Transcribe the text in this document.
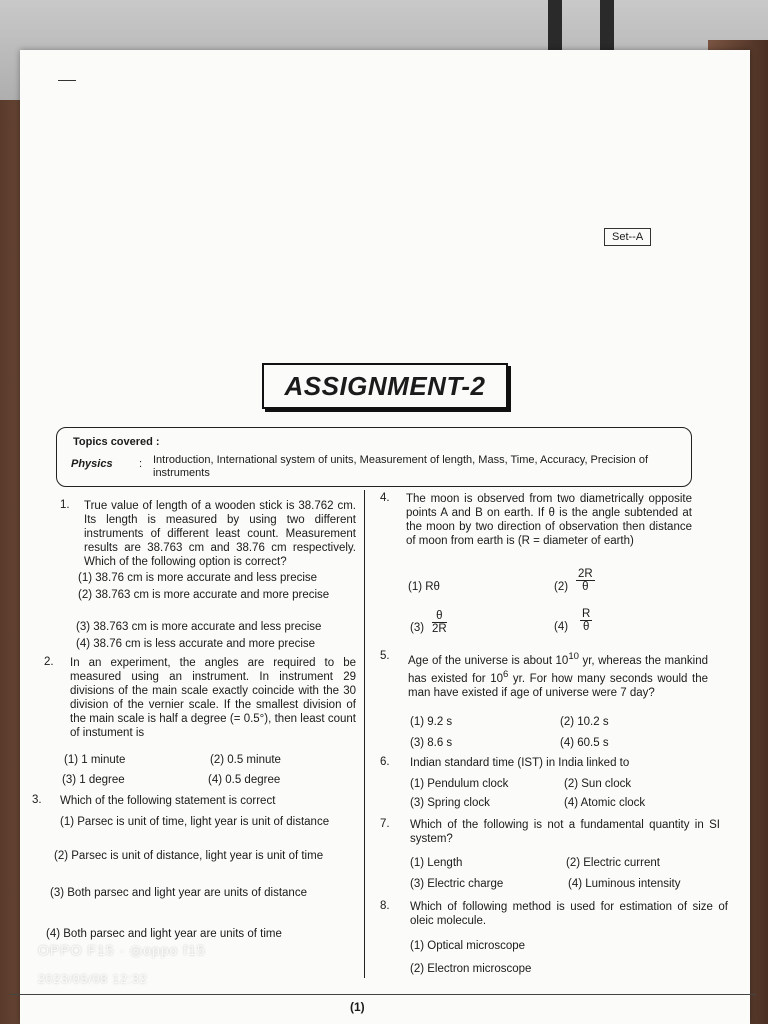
Set--A
ASSIGNMENT-2
Topics covered :
Physics : Introduction, International system of units, Measurement of length, Mass, Time, Accuracy, Precision of instruments
1. True value of length of a wooden stick is 38.762 cm. Its length is measured by using two different instruments of different least count. Measurement results are 38.763 cm and 38.76 cm respectively. Which of the following option is correct?
(1) 38.76 cm is more accurate and less precise
(2) 38.763 cm is more accurate and more precise
(3) 38.763 cm is more accurate and less precise
(4) 38.76 cm is less accurate and more precise
2. In an experiment, the angles are required to be measured using an instrument. In instrument 29 divisions of the main scale exactly coincide with the 30 division of the vernier scale. If the smallest division of the main scale is half a degree (= 0.5°), then least count of instument is
(1) 1 minute	(2) 0.5 minute
(3) 1 degree	(4) 0.5 degree
3. Which of the following statement is correct
(1) Parsec is unit of time, light year is unit of distance
(2) Parsec is unit of distance, light year is unit of time
(3) Both parsec and light year are units of distance
(4) Both parsec and light year are units of time
4. The moon is observed from two diametrically opposite points A and B on earth. If θ is the angle subtended at the moon by two direction of observation then distance of moon from earth is (R = diameter of earth)
(1) Rθ	$(2) \frac{2R}{\theta}$
$(3) \frac{\theta}{2R}$	$(4) \frac{R}{\theta}$
5. Age of the universe is about $10^{10}$ yr, whereas the mankind has existed for $10^6$ yr. For how many seconds would the man have existed if age of universe were 7 day?
(1) 9.2 s	(2) 10.2 s
(3) 8.6 s	(4) 60.5 s
6. Indian standard time (IST) in India linked to
(1) Pendulum clock	(2) Sun clock
(3) Spring clock	(4) Atomic clock
7. Which of the following is not a fundamental quantity in SI system?
(1) Length	(2) Electric current
(3) Electric charge	(4) Luminous intensity
8. Which of following method is used for estimation of size of oleic molecule.
(1) Optical microscope
(2) Electron microscope
(1)
OPPO F15 · ◎oppo f15
2023/05/08 12:32
